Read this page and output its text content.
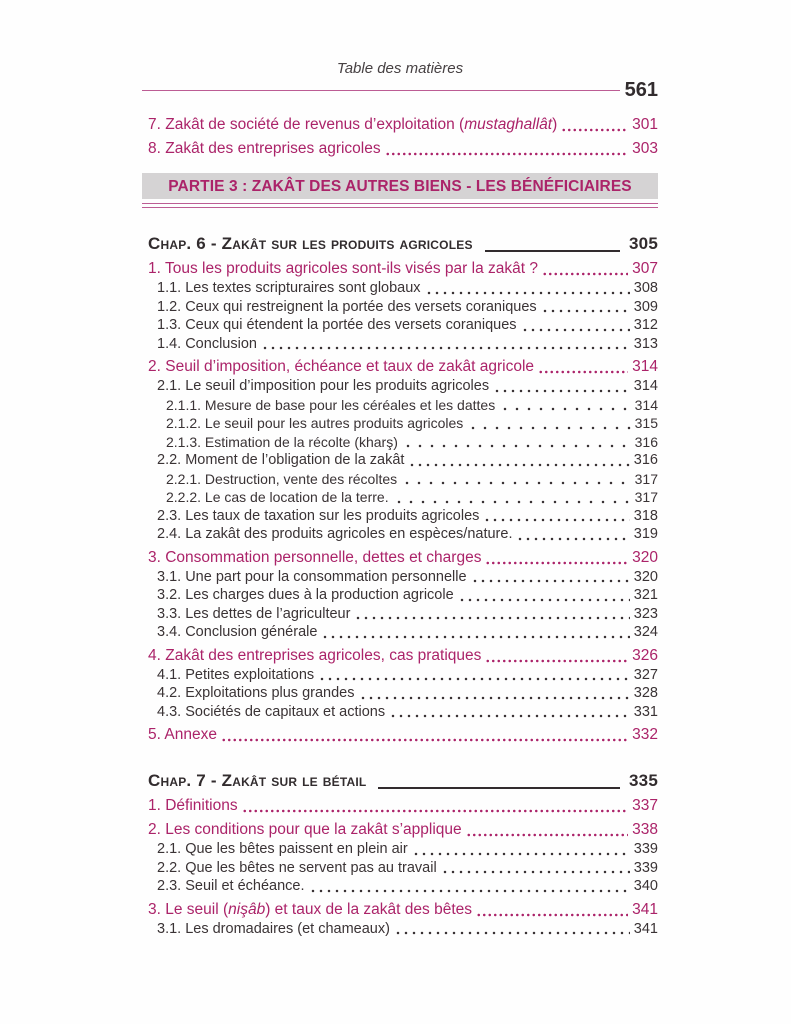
Table des matières
561
7. Zakât de société de revenus d’exploitation (mustaghallât)	301
8. Zakât des entreprises agricoles	303
PARTIE 3 : ZAKÂT DES AUTRES BIENS - LES BÉNÉFICIAIRES
Chap. 6 - Zakât sur les produits agricoles	305
1. Tous les produits agricoles sont-ils visés par la zakât ?	307
1.1. Les textes scripturaires sont globaux	308
1.2. Ceux qui restreignent la portée des versets coraniques	309
1.3. Ceux qui étendent la portée des versets coraniques	312
1.4. Conclusion	313
2. Seuil d’imposition, échéance et taux de zakât agricole	314
2.1. Le seuil d’imposition pour les produits agricoles	314
2.1.1. Mesure de base pour les céréales et les dattes	314
2.1.2. Le seuil pour les autres produits agricoles	315
2.1.3. Estimation de la récolte (kharş)	316
2.2. Moment de l’obligation de la zakât	316
2.2.1. Destruction, vente des récoltes	317
2.2.2. Le cas de location de la terre.	317
2.3. Les taux de taxation sur les produits agricoles	318
2.4. La zakât des produits agricoles en espèces/nature.	319
3. Consommation personnelle, dettes et charges	320
3.1. Une part pour la consommation personnelle	320
3.2. Les charges dues à la production agricole	321
3.3. Les dettes de l’agriculteur	323
3.4. Conclusion générale	324
4. Zakât des entreprises agricoles, cas pratiques	326
4.1. Petites exploitations	327
4.2. Exploitations plus grandes	328
4.3. Sociétés de capitaux et actions	331
5. Annexe	332
Chap. 7 - Zakât sur le bétail	335
1. Définitions	337
2. Les conditions pour que la zakât s’applique	338
2.1. Que les bêtes paissent en plein air	339
2.2. Que les bêtes ne servent pas au travail	339
2.3. Seuil et échéance.	340
3. Le seuil (nişâb) et taux de la zakât des bêtes	341
3.1. Les dromadaires (et chameaux)	341
